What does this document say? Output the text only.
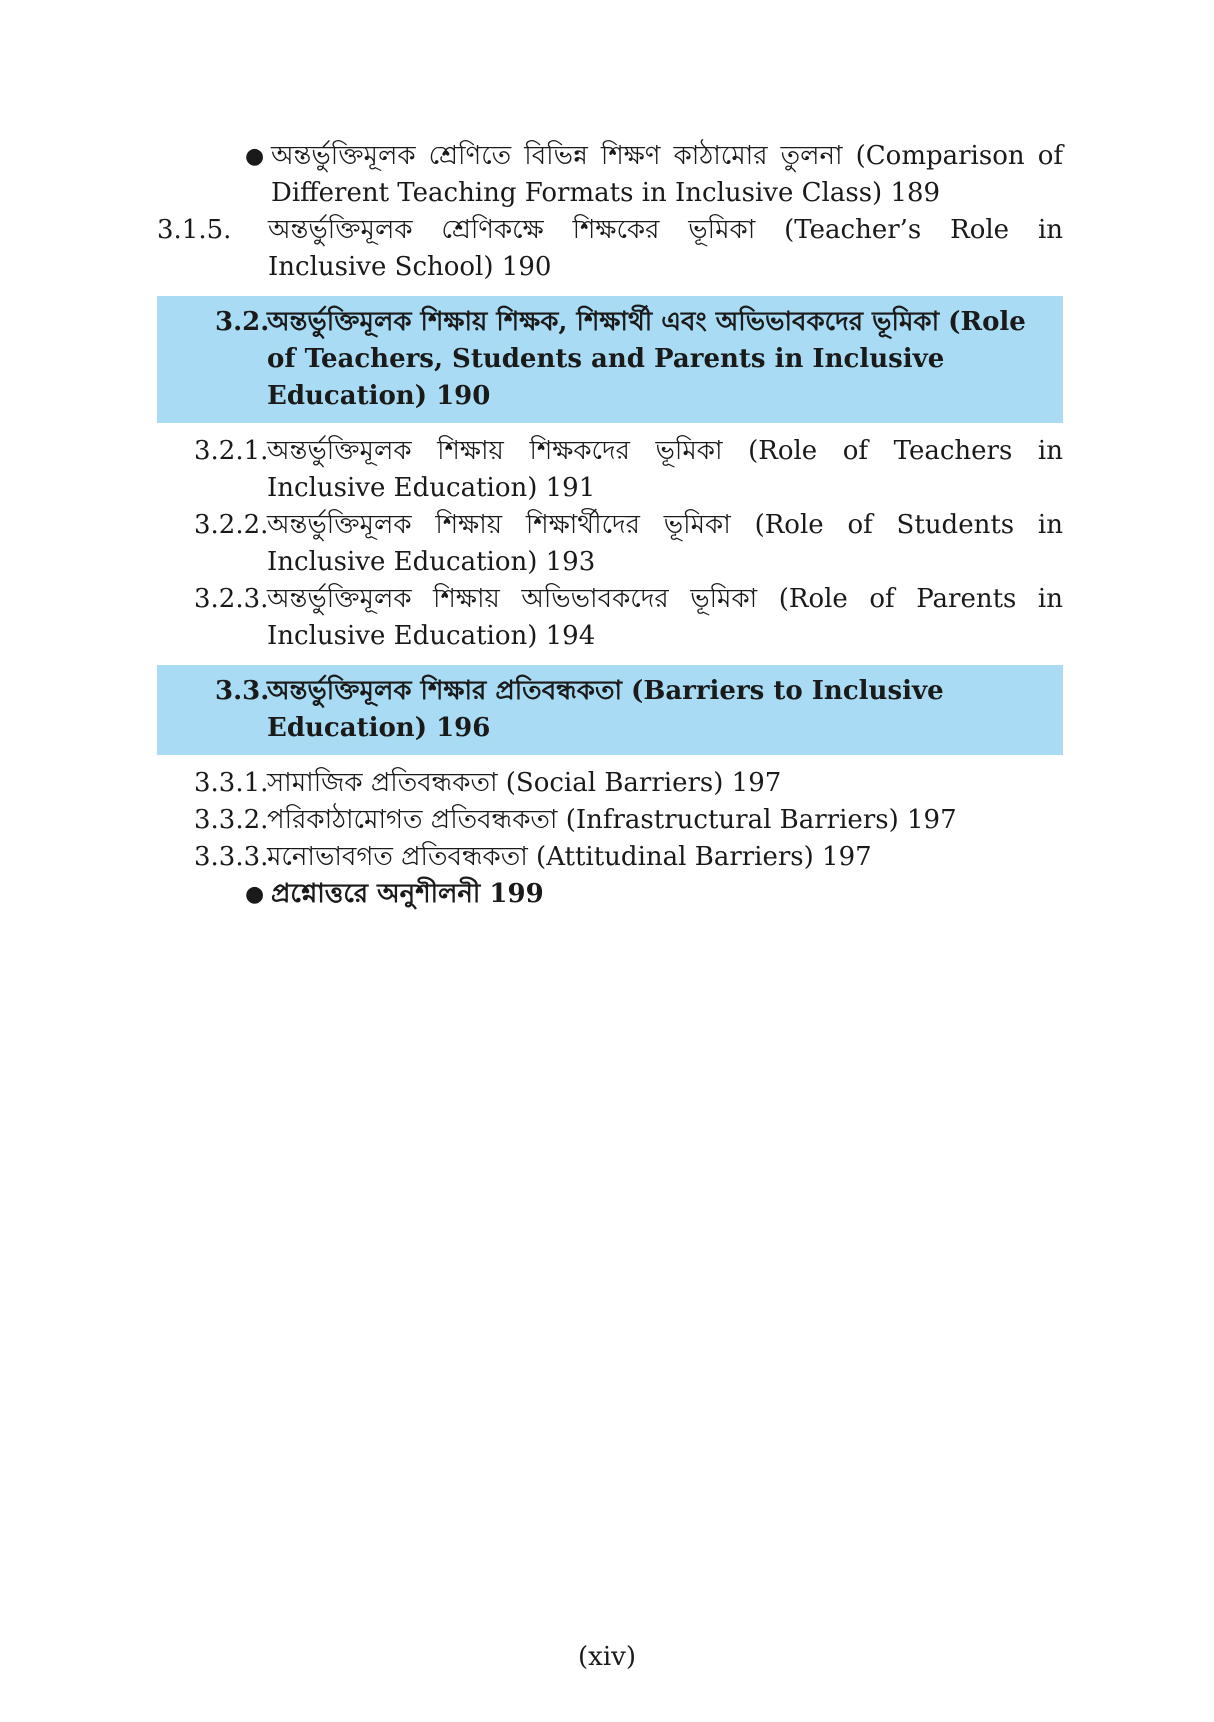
● অন্তর্ভুক্তিমূলক শ্রেণিতে বিভিন্ন শিক্ষণ কাঠামোর তুলনা (Comparison of Different Teaching Formats in Inclusive Class) 189
3.1.5.	অন্তর্ভুক্তিমূলক শ্রেণিকক্ষে শিক্ষকের ভূমিকা (Teacher’s Role in Inclusive School) 190
3.2.
অন্তর্ভুক্তিমূলক শিক্ষায় শিক্ষক, শিক্ষার্থী এবং অভিভাবকদের ভূমিকা (Role of Teachers, Students and Parents in Inclusive Education) 190
3.2.1.
অন্তর্ভুক্তিমূলক শিক্ষায় শিক্ষকদের ভূমিকা (Role of Teachers in Inclusive Education) 191
3.2.2.
অন্তর্ভুক্তিমূলক শিক্ষায় শিক্ষার্থীদের ভূমিকা (Role of Students in Inclusive Education) 193
3.2.3.
অন্তর্ভুক্তিমূলক শিক্ষায় অভিভাবকদের ভূমিকা (Role of Parents in Inclusive Education) 194
3.3.
অন্তর্ভুক্তিমূলক শিক্ষার প্রতিবন্ধকতা (Barriers to Inclusive Education) 196
3.3.1.
সামাজিক প্রতিবন্ধকতা (Social Barriers) 197
3.3.2.
পরিকাঠামোগত প্রতিবন্ধকতা (Infrastructural Barriers) 197
3.3.3.
মনোভাবগত প্রতিবন্ধকতা (Attitudinal Barriers) 197
● প্রশ্নোত্তরে অনুশীলনী 199
(xiv)
